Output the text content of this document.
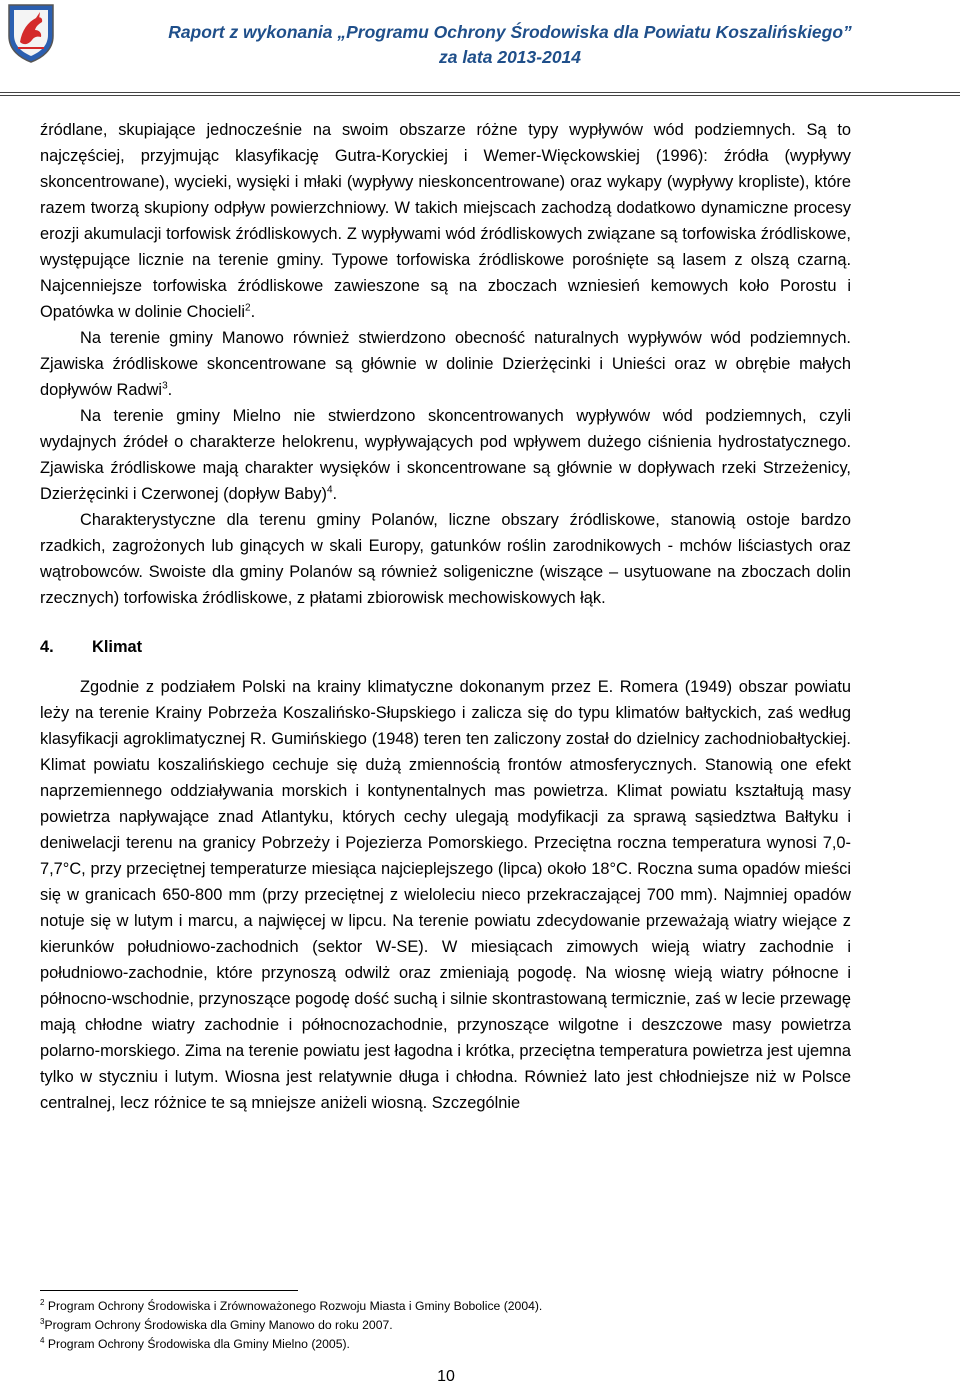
Raport z wykonania „Programu Ochrony Środowiska dla Powiatu Koszalińskiego”
za lata 2013-2014

źródlane, skupiające jednocześnie na swoim obszarze różne typy wypływów wód podziemnych. Są to najczęściej, przyjmując klasyfikację Gutra-Koryckiej i Wemer-Więckowskiej (1996): źródła (wypływy skoncentrowane), wycieki, wysięki i młaki (wypływy nieskoncentrowane) oraz wykapy (wypływy kropliste), które razem tworzą skupiony odpływ powierzchniowy. W takich miejscach zachodzą dodatkowo dynamiczne procesy erozji akumulacji torfowisk źródliskowych. Z wypływami wód źródliskowych związane są torfowiska źródliskowe, występujące licznie na terenie gminy. Typowe torfowiska źródliskowe porośnięte są lasem z olszą czarną. Najcenniejsze torfowiska źródliskowe zawieszone są na zboczach wzniesień kemowych koło Porostu i Opatówka w dolinie Chocieli$^2$.

Na terenie gminy Manowo również stwierdzono obecność naturalnych wypływów wód podziemnych. Zjawiska źródliskowe skoncentrowane są głównie w dolinie Dzierżęcinki i Unieści oraz w obrębie małych dopływów Radwi$^3$.

Na terenie gminy Mielno nie stwierdzono skoncentrowanych wypływów wód podziemnych, czyli wydajnych źródeł o charakterze helokrenu, wypływających pod wpływem dużego ciśnienia hydrostatycznego. Zjawiska źródliskowe mają charakter wysięków i skoncentrowane są głównie w dopływach rzeki Strzeżenicy, Dzierżęcinki i Czerwonej (dopływ Baby)$^4$.

Charakterystyczne dla terenu gminy Polanów, liczne obszary źródliskowe, stanowią ostoje bardzo rzadkich, zagrożonych lub ginących w skali Europy, gatunków roślin zarodnikowych - mchów liściastych oraz wątrobowców. Swoiste dla gminy Polanów są również soligeniczne (wiszące – usytuowane na zboczach dolin rzecznych) torfowiska źródliskowe, z płatami zbiorowisk mechowiskowych łąk.

4. Klimat

Zgodnie z podziałem Polski na krainy klimatyczne dokonanym przez E. Romera (1949) obszar powiatu leży na terenie Krainy Pobrzeża Koszalińsko-Słupskiego i zalicza się do typu klimatów bałtyckich, zaś według klasyfikacji agroklimatycznej R. Gumińskiego (1948) teren ten zaliczony został do dzielnicy zachodniobałtyckiej. Klimat powiatu koszalińskiego cechuje się dużą zmiennością frontów atmosferycznych. Stanowią one efekt naprzemiennego oddziaływania morskich i kontynentalnych mas powietrza. Klimat powiatu kształtują masy powietrza napływające znad Atlantyku, których cechy ulegają modyfikacji za sprawą sąsiedztwa Bałtyku i deniwelacji terenu na granicy Pobrzeży i Pojezierza Pomorskiego. Przeciętna roczna temperatura wynosi 7,0-7,7°C, przy przeciętnej temperaturze miesiąca najcieplejszego (lipca) około 18°C. Roczna suma opadów mieści się w granicach 650-800 mm (przy przeciętnej z wieloleciu nieco przekraczającej 700 mm). Najmniej opadów notuje się w lutym i marcu, a najwięcej w lipcu. Na terenie powiatu zdecydowanie przeważają wiatry wiejące z kierunków południowo-zachodnich (sektor W-SE). W miesiącach zimowych wieją wiatry zachodnie i południowo-zachodnie, które przynoszą odwilż oraz zmieniają pogodę. Na wiosnę wieją wiatry północne i północno-wschodnie, przynoszące pogodę dość suchą i silnie skontrastowaną termicznie, zaś w lecie przewagę mają chłodne wiatry zachodnie i północnozachodnie, przynoszące wilgotne i deszczowe masy powietrza polarno-morskiego. Zima na terenie powiatu jest łagodna i krótka, przeciętna temperatura powietrza jest ujemna tylko w styczniu i lutym. Wiosna jest relatywnie długa i chłodna. Również lato jest chłodniejsze niż w Polsce centralnej, lecz różnice te są mniejsze aniżeli wiosną. Szczególnie

$^2$ Program Ochrony Środowiska i Zrównoważonego Rozwoju Miasta i Gminy Bobolice (2004).
$^3$Program Ochrony Środowiska dla Gminy Manowo do roku 2007.
$^4$ Program Ochrony Środowiska dla Gminy Mielno (2005).
10
